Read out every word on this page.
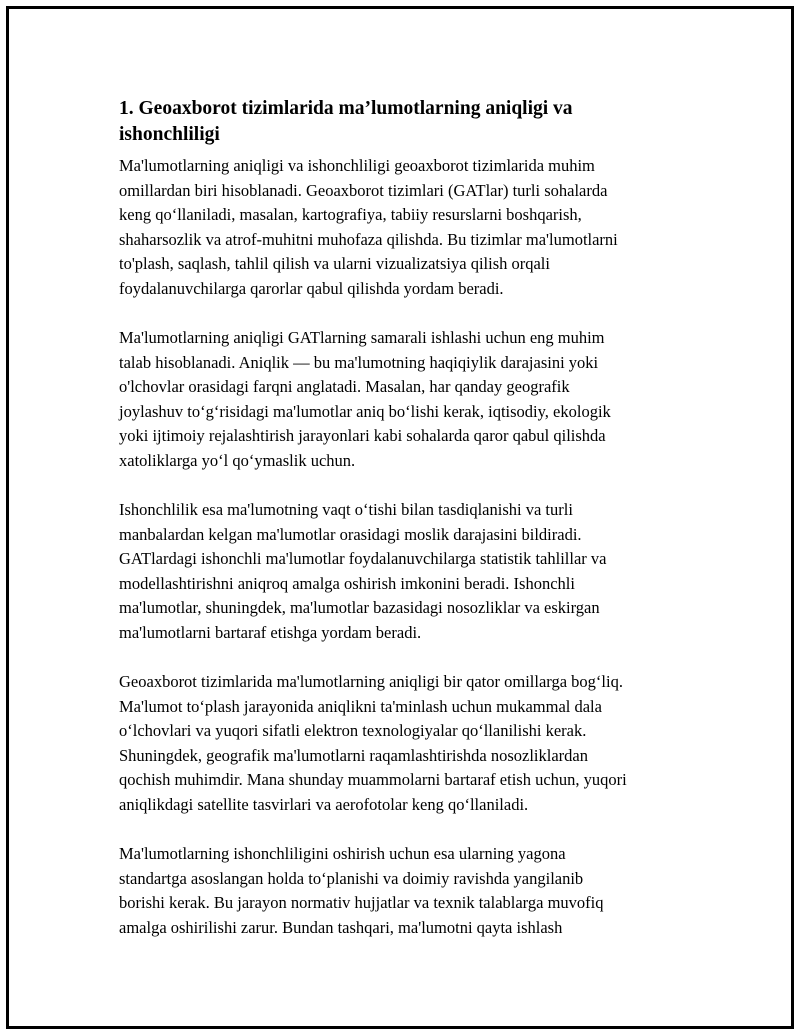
1. Geoaxborot tizimlarida ma’lumotlarning aniqligi va
ishonchliligi

Ma'lumotlarning aniqligi va ishonchliligi geoaxborot tizimlarida muhim
omillardan biri hisoblanadi. Geoaxborot tizimlari (GATlar) turli sohalarda
keng qo‘llaniladi, masalan, kartografiya, tabiiy resurslarni boshqarish,
shaharsozlik va atrof-muhitni muhofaza qilishda. Bu tizimlar ma'lumotlarni
to'plash, saqlash, tahlil qilish va ularni vizualizatsiya qilish orqali
foydalanuvchilarga qarorlar qabul qilishda yordam beradi.

Ma'lumotlarning aniqligi GATlarning samarali ishlashi uchun eng muhim
talab hisoblanadi. Aniqlik — bu ma'lumotning haqiqiylik darajasini yoki
o'lchovlar orasidagi farqni anglatadi. Masalan, har qanday geografik
joylashuv to‘g‘risidagi ma'lumotlar aniq bo‘lishi kerak, iqtisodiy, ekologik
yoki ijtimoiy rejalashtirish jarayonlari kabi sohalarda qaror qabul qilishda
xatoliklarga yo‘l qo‘ymaslik uchun.

Ishonchlilik esa ma'lumotning vaqt o‘tishi bilan tasdiqlanishi va turli
manbalardan kelgan ma'lumotlar orasidagi moslik darajasini bildiradi.
GATlardagi ishonchli ma'lumotlar foydalanuvchilarga statistik tahlillar va
modellashtirishni aniqroq amalga oshirish imkonini beradi. Ishonchli
ma'lumotlar, shuningdek, ma'lumotlar bazasidagi nosozliklar va eskirgan
ma'lumotlarni bartaraf etishga yordam beradi.

Geoaxborot tizimlarida ma'lumotlarning aniqligi bir qator omillarga bog‘liq.
Ma'lumot to‘plash jarayonida aniqlikni ta'minlash uchun mukammal dala
o‘lchovlari va yuqori sifatli elektron texnologiyalar qo‘llanilishi kerak.
Shuningdek, geografik ma'lumotlarni raqamlashtirishda nosozliklardan
qochish muhimdir. Mana shunday muammolarni bartaraf etish uchun, yuqori
aniqlikdagi satellite tasvirlari va aerofotolar keng qo‘llaniladi.

Ma'lumotlarning ishonchliligini oshirish uchun esa ularning yagona
standartga asoslangan holda to‘planishi va doimiy ravishda yangilanib
borishi kerak. Bu jarayon normativ hujjatlar va texnik talablarga muvofiq
amalga oshirilishi zarur. Bundan tashqari, ma'lumotni qayta ishlash
